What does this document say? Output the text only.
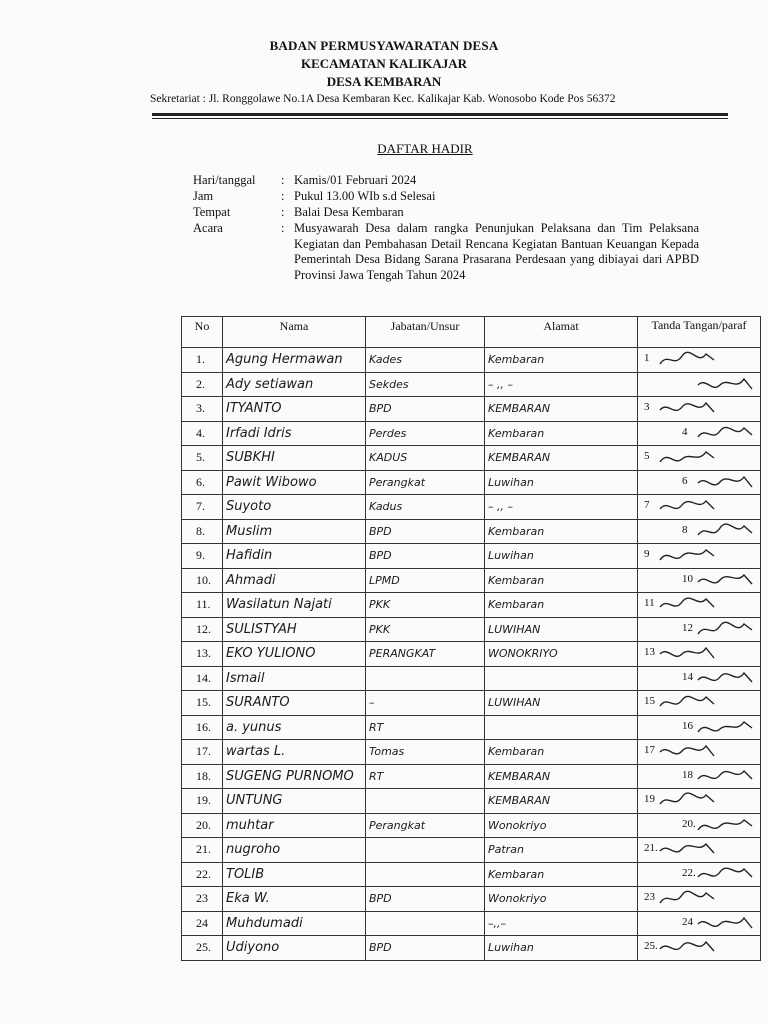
BADAN PERMUSYAWARATAN DESA
KECAMATAN KALIKAJAR
DESA KEMBARAN
Sekretariat : Jl. Ronggolawe No.1A Desa Kembaran Kec. Kalikajar Kab. Wonosobo Kode Pos 56372
DAFTAR HADIR
Hari/tanggal : Kamis/01 Februari 2024
Jam	: Pukul 13.00 WIb s.d Selesai
Tempat	: Balai Desa Kembaran
Acara	: Musyawarah Desa dalam rangka Penunjukan Pelaksana dan Tim Pelaksana Kegiatan dan Pembahasan Detail Rencana Kegiatan Bantuan Keuangan Kepada Pemerintah Desa Bidang Sarana Prasarana Perdesaan yang dibiayai dari APBD Provinsi Jawa Tengah Tahun 2024
No	Nama	Jabatan/Unsur	Alamat	Tanda Tangan/paraf
1.	Agung Hermawan	Kades	Kembaran	1

2.	Ady setiawan	Sekdes	– ,, –	

3.	ITYANTO	BPD	KEMBARAN	3

4.	Irfadi Idris	Perdes	Kembaran	4

5.	SUBKHI	KADUS	KEMBARAN	5

6.	Pawit Wibowo	Perangkat	Luwihan	6

7.	Suyoto	Kadus	– ,, –	7

8.	Muslim	BPD	Kembaran	8

9.	Hafidin	BPD	Luwihan	9

10.	Ahmadi	LPMD	Kembaran	10

11.	Wasilatun Najati	PKK	Kembaran	11

12.	SULISTYAH	PKK	LUWIHAN	12

13.	EKO YULIONO	PERANGKAT	WONOKRIYO	13

14.	Ismail			14

15.	SURANTO	–	LUWIHAN	15

16.	a. yunus	RT		16

17.	wartas L.	Tomas	Kembaran	17

18.	SUGENG PURNOMO	RT	KEMBARAN	18

19.	UNTUNG		KEMBARAN	19

20.	muhtar	Perangkat	Wonokriyo	20.

21.	nugroho		Patran	21.

22.	TOLIB		Kembaran	22.

23	Eka W.	BPD	Wonokriyo	23

24	Muhdumadi		–,,–	24

25.	Udiyono	BPD	Luwihan	25.
